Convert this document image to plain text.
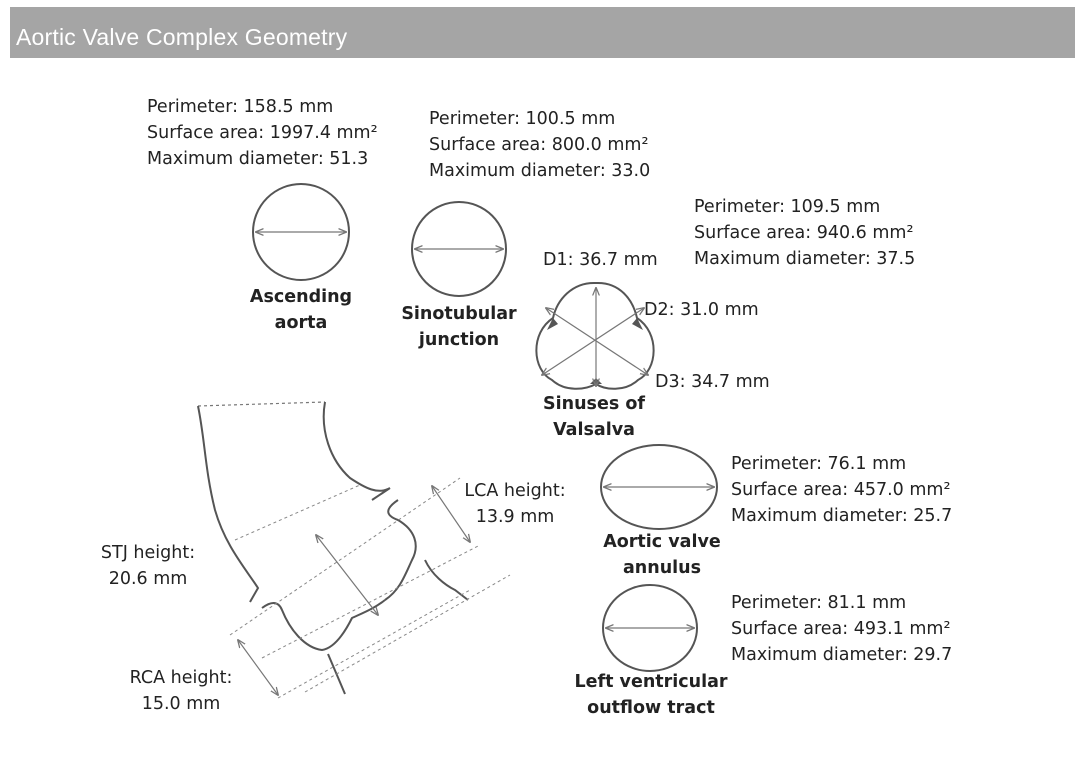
Aortic Valve Complex Geometry
Perimeter: 158.5 mm
Surface area: 1997.4 mm²
Maximum diameter: 51.3
Ascending
aorta
Perimeter: 100.5 mm
Surface area: 800.0 mm²
Maximum diameter: 33.0
Sinotubular
junction
Perimeter: 109.5 mm
Surface area: 940.6 mm²
Maximum diameter: 37.5
D1: 36.7 mm
D2: 31.0 mm
D3: 34.7 mm
Sinuses of
Valsalva
Perimeter: 76.1 mm
Surface area: 457.0 mm²
Maximum diameter: 25.7
Aortic valve
annulus
Perimeter: 81.1 mm
Surface area: 493.1 mm²
Maximum diameter: 29.7
Left ventricular
outflow tract
STJ height:
20.6 mm
LCA height:
13.9 mm
RCA height:
15.0 mm
